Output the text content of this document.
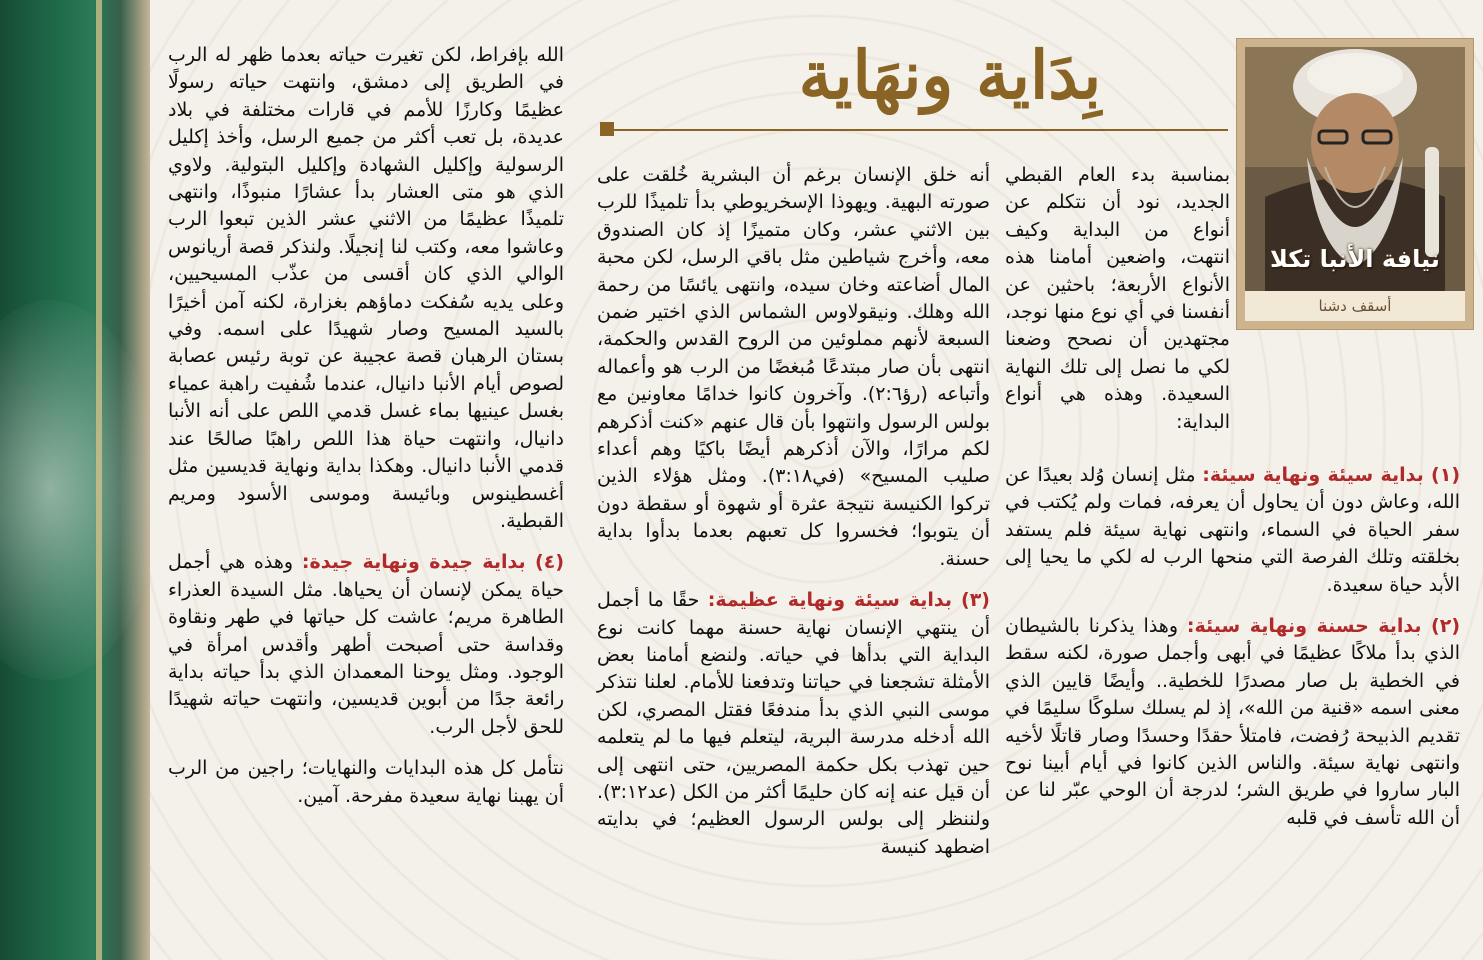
نيافة الأنبا تكلا
أسقف دشنا
بِدَاية ونهَاية

بمناسبة بدء العام القبطي الجديد، نود أن نتكلم عن أنواع من البداية وكيف انتهت، واضعين أمامنا هذه الأنواع الأربعة؛ باحثين عن أنفسنا في أي نوع منها نوجد، مجتهدين أن نصحح وضعنا لكي ما نصل إلى تلك النهاية السعيدة. وهذه هي أنواع البداية:

(١) بداية سيئة ونهاية سيئة: مثل إنسان وُلد بعيدًا عن الله، وعاش دون أن يحاول أن يعرفه، فمات ولم يُكتب في سفر الحياة في السماء، وانتهى نهاية سيئة فلم يستفد بخلقته وتلك الفرصة التي منحها الرب له لكي ما يحيا إلى الأبد حياة سعيدة.

(٢) بداية حسنة ونهاية سيئة: وهذا يذكرنا بالشيطان الذي بدأ ملاكًا عظيمًا في أبهى وأجمل صورة، لكنه سقط في الخطية بل صار مصدرًا للخطية.. وأيضًا قايين الذي معنى اسمه «قنية من الله»، إذ لم يسلك سلوكًا سليمًا في تقديم الذبيحة رُفضت، فامتلأ حقدًا وحسدًا وصار قاتلًا لأخيه وانتهى نهاية سيئة. والناس الذين كانوا في أيام أبينا نوح البار ساروا في طريق الشر؛ لدرجة أن الوحي عبّر لنا عن أن الله تأسف في قلبه

أنه خلق الإنسان برغم أن البشرية خُلقت على صورته البهية. ويهوذا الإسخريوطي بدأ تلميذًا للرب بين الاثني عشر، وكان متميزًا إذ كان الصندوق معه، وأخرج شياطين مثل باقي الرسل، لكن محبة المال أضاعته وخان سيده، وانتهى يائسًا من رحمة الله وهلك. ونيقولاوس الشماس الذي اختير ضمن السبعة لأنهم مملوئين من الروح القدس والحكمة، انتهى بأن صار مبتدعًا مُبغضًا من الرب هو وأعماله وأتباعه (رؤ٢:٦). وآخرون كانوا خدامًا معاونين مع بولس الرسول وانتهوا بأن قال عنهم «كنت أذكرهم لكم مرارًا، والآن أذكرهم أيضًا باكيًا وهم أعداء صليب المسيح» (في٣:١٨). ومثل هؤلاء الذين تركوا الكنيسة نتيجة عثرة أو شهوة أو سقطة دون أن يتوبوا؛ فخسروا كل تعبهم بعدما بدأوا بداية حسنة.

(٣) بداية سيئة ونهاية عظيمة: حقًا ما أجمل أن ينتهي الإنسان نهاية حسنة مهما كانت نوع البداية التي بدأها في حياته. ولنضع أمامنا بعض الأمثلة تشجعنا في حياتنا وتدفعنا للأمام. لعلنا نتذكر موسى النبي الذي بدأ مندفعًا فقتل المصري، لكن الله أدخله مدرسة البرية، ليتعلم فيها ما لم يتعلمه حين تهذب بكل حكمة المصريين، حتى انتهى إلى أن قيل عنه إنه كان حليمًا أكثر من الكل (عد٣:١٢). ولننظر إلى بولس الرسول العظيم؛ في بدايته اضطهد كنيسة

الله بإفراط، لكن تغيرت حياته بعدما ظهر له الرب في الطريق إلى دمشق، وانتهت حياته رسولًا عظيمًا وكارزًا للأمم في قارات مختلفة في بلاد عديدة، بل تعب أكثر من جميع الرسل، وأخذ إكليل الرسولية وإكليل الشهادة وإكليل البتولية. ولاوي الذي هو متى العشار بدأ عشارًا منبوذًا، وانتهى تلميذًا عظيمًا من الاثني عشر الذين تبعوا الرب وعاشوا معه، وكتب لنا إنجيلًا. ولنذكر قصة أريانوس الوالي الذي كان أقسى من عذّب المسيحيين، وعلى يديه سُفكت دماؤهم بغزارة، لكنه آمن أخيرًا بالسيد المسيح وصار شهيدًا على اسمه. وفي بستان الرهبان قصة عجيبة عن توبة رئيس عصابة لصوص أيام الأنبا دانيال، عندما شُفيت راهبة عمياء بغسل عينيها بماء غسل قدمي اللص على أنه الأنبا دانيال، وانتهت حياة هذا اللص راهبًا صالحًا عند قدمي الأنبا دانيال. وهكذا بداية ونهاية قديسين مثل أغسطينوس وبائيسة وموسى الأسود ومريم القبطية.

(٤) بداية جيدة ونهاية جيدة: وهذه هي أجمل حياة يمكن لإنسان أن يحياها. مثل السيدة العذراء الطاهرة مريم؛ عاشت كل حياتها في طهر ونقاوة وقداسة حتى أصبحت أطهر وأقدس امرأة في الوجود. ومثل يوحنا المعمدان الذي بدأ حياته بداية رائعة جدًا من أبوين قديسين، وانتهت حياته شهيدًا للحق لأجل الرب.

نتأمل كل هذه البدايات والنهايات؛ راجين من الرب أن يهبنا نهاية سعيدة مفرحة. آمين.
